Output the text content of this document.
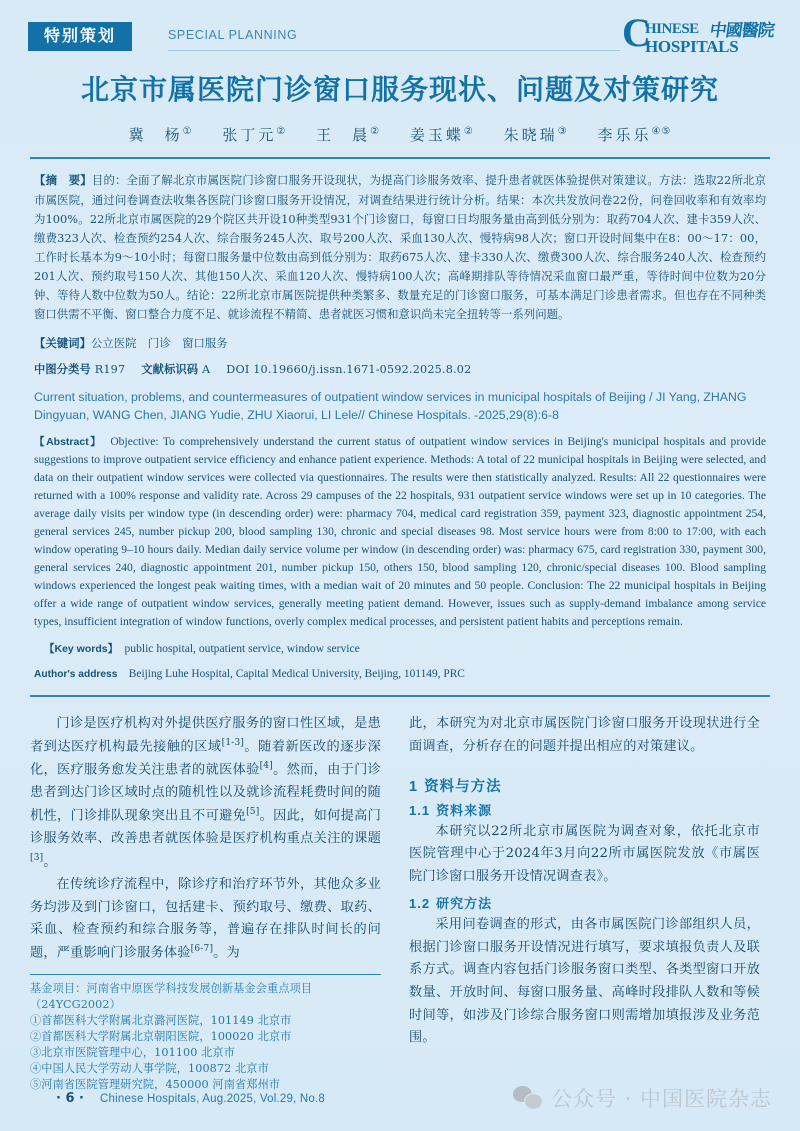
特别策划	SPECIAL PLANNING	C
HINESE 中國醫院
HOSPITALS
北京市属医院门诊窗口服务现状、问题及对策研究
冀　杨① 张丁元② 王　晨② 姜玉蝶② 朱晓瑞③ 李乐乐④⑤
【摘　要】目的：全面了解北京市属医院门诊窗口服务开设现状，为提高门诊服务效率、提升患者就医体验提供对策建议。方法：选取22所北京市属医院，通过问卷调查法收集各医院门诊窗口服务开设情况，对调查结果进行统计分析。结果：本次共发放问卷22份，问卷回收率和有效率均为100%。22所北京市属医院的29个院区共开设10种类型931个门诊窗口，每窗口日均服务量由高到低分别为：取药704人次、建卡359人次、缴费323人次、检查预约254人次、综合服务245人次、取号200人次、采血130人次、慢特病98人次；窗口开设时间集中在8：00～17：00，工作时长基本为9～10小时；每窗口服务量中位数由高到低分别为：取药675人次、建卡330人次、缴费300人次、综合服务240人次、检查预约201人次、预约取号150人次、其他150人次、采血120人次、慢特病100人次；高峰期排队等待情况采血窗口最严重，等待时间中位数为20分钟、等待人数中位数为50人。结论：22所北京市属医院提供种类繁多、数量充足的门诊窗口服务，可基本满足门诊患者需求。但也存在不同种类窗口供需不平衡、窗口整合力度不足、就诊流程不精简、患者就医习惯和意识尚未完全扭转等一系列问题。
【关键词】公立医院　门诊　窗口服务
中图分类号 R197 文献标识码 A DOI 10.19660/j.issn.1671-0592.2025.8.02
Current situation, problems, and countermeasures of outpatient window services in municipal hospitals of Beijing / JI Yang, ZHANG Dingyuan, WANG Chen, JIANG Yudie, ZHU Xiaorui, LI Lele// Chinese Hospitals. -2025,29(8):6-8
【Abstract】　 Objective: To comprehensively understand the current status of outpatient window services in Beijing's municipal hospitals and provide suggestions to improve outpatient service efficiency and enhance patient experience. Methods: A total of 22 municipal hospitals in Beijing were selected, and data on their outpatient window services were collected via questionnaires. The results were then statistically analyzed. Results: All 22 questionnaires were returned with a 100% response and validity rate. Across 29 campuses of the 22 hospitals, 931 outpatient service windows were set up in 10 categories. The average daily visits per window type (in descending order) were: pharmacy 704, medical card registration 359, payment 323, diagnostic appointment 254, general services 245, number pickup 200, blood sampling 130, chronic and special diseases 98. Most service hours were from 8:00 to 17:00, with each window operating 9–10 hours daily. Median daily service volume per window (in descending order) was: pharmacy 675, card registration 330, payment 300, general services 240, diagnostic appointment 201, number pickup 150, others 150, blood sampling 120, chronic/special diseases 100. Blood sampling windows experienced the longest peak waiting times, with a median wait of 20 minutes and 50 people. Conclusion: The 22 municipal hospitals in Beijing offer a wide range of outpatient window services, generally meeting patient demand. However, issues such as supply-demand imbalance among service types, insufficient integration of window functions, overly complex medical processes, and persistent patient habits and perceptions remain.
【Key words】　 public hospital, outpatient service, window service
Author's address　 Beijing Luhe Hospital, Capital Medical University, Beijing, 101149, PRC

门诊是医疗机构对外提供医疗服务的窗口性区域，是患者到达医疗机构最先接触的区域[1-3]。随着新医改的逐步深化，医疗服务愈发关注患者的就医体验[4]。然而，由于门诊患者到达门诊区域时点的随机性以及就诊流程耗费时间的随机性，门诊排队现象突出且不可避免[5]。因此，如何提高门诊服务效率、改善患者就医体验是医疗机构重点关注的课题[3]。

在传统诊疗流程中，除诊疗和治疗环节外，其他众多业务均涉及到门诊窗口，包括建卡、预约取号、缴费、取药、采血、检查预约和综合服务等，普遍存在排队时间长的问题，严重影响门诊服务体验[6-7]。为

基金项目：河南省中原医学科技发展创新基金会重点项目（24YCG2002）
①首都医科大学附属北京潞河医院，101149 北京市
②首都医科大学附属北京朝阳医院，100020 北京市
③北京市医院管理中心，101100 北京市
④中国人民大学劳动人事学院，100872 北京市
⑤河南省医院管理研究院，450000 河南省郑州市

此，本研究为对北京市属医院门诊窗口服务开设现状进行全面调查，分析存在的问题并提出相应的对策建议。

1 资料与方法
1.1 资料来源

本研究以22所北京市属医院为调查对象，依托北京市医院管理中心于2024年3月向22所市属医院发放《市属医院门诊窗口服务开设情况调查表》。

1.2 研究方法

采用问卷调查的形式，由各市属医院门诊部组织人员，根据门诊窗口服务开设情况进行填写，要求填报负责人及联系方式。调查内容包括门诊服务窗口类型、各类型窗口开放数量、开放时间、每窗口服务量、高峰时段排队人数和等候时间等，如涉及门诊综合服务窗口则需增加填报涉及业务范围。

· 6 · Chinese Hospitals, Aug.2025, Vol.29, No.8	公众号 · 中国医院杂志
